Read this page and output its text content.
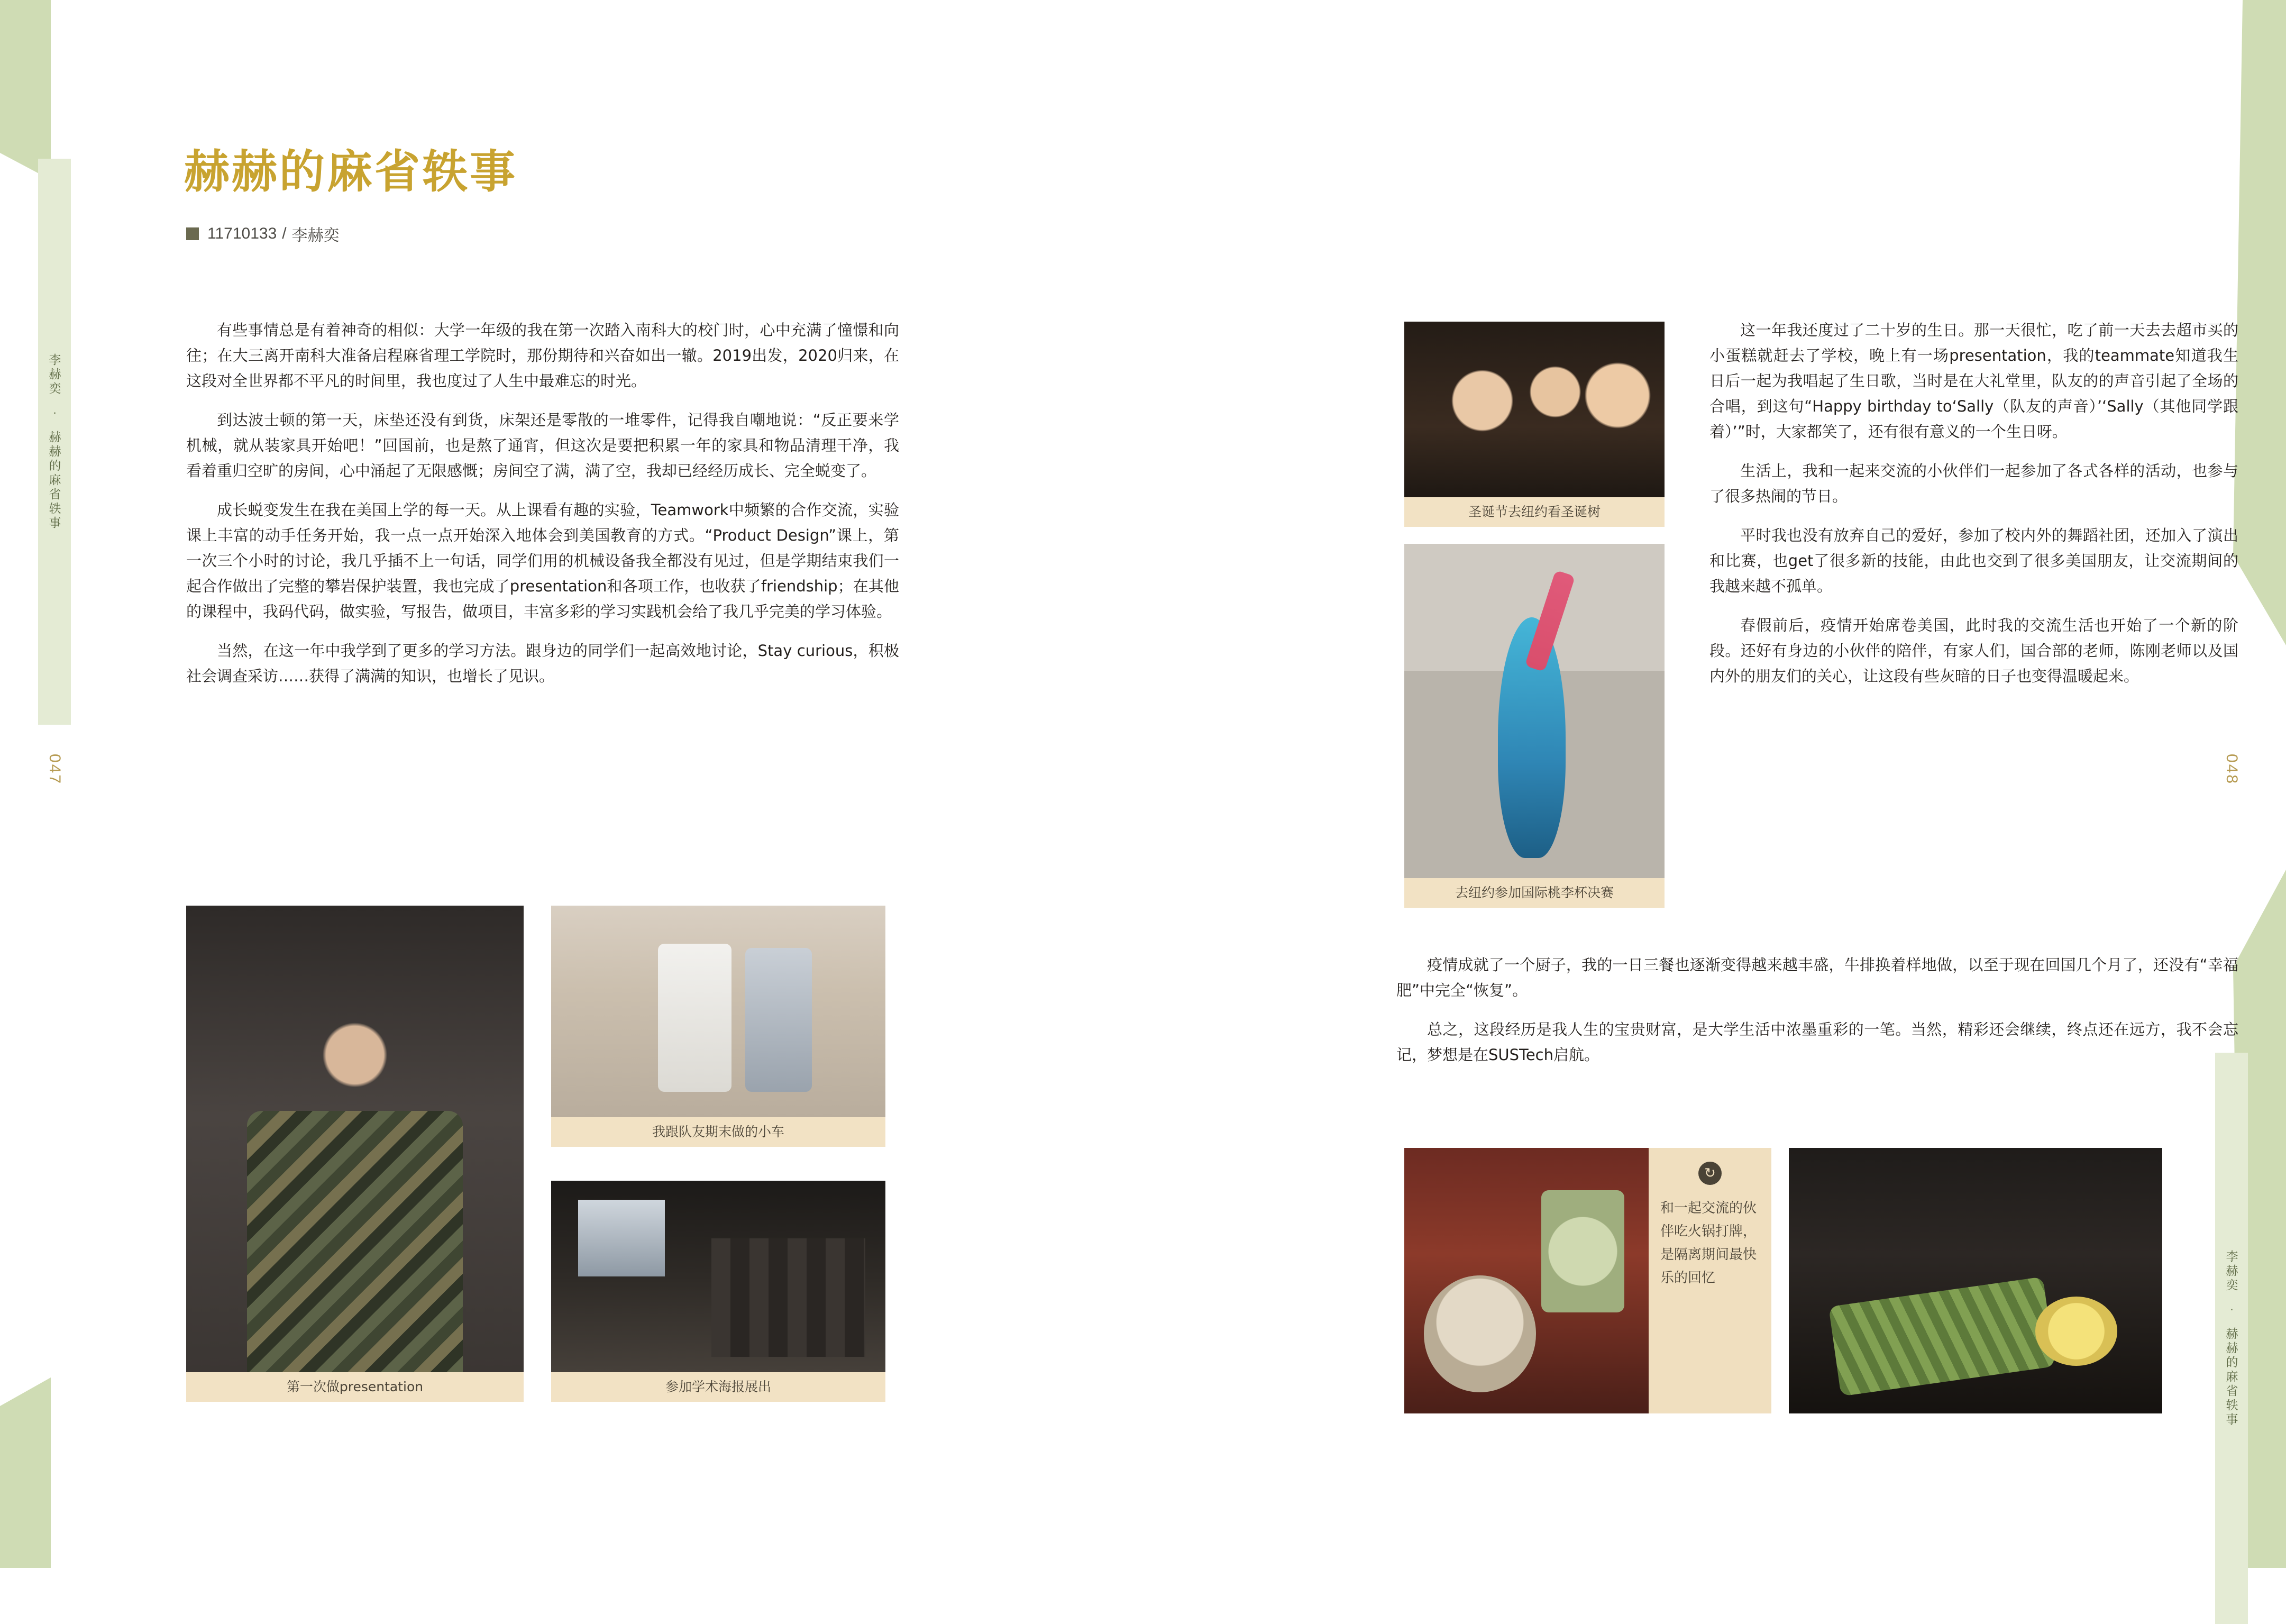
李赫奕
·
赫赫的麻省轶事
李赫奕
·
赫赫的麻省轶事
047	048
赫赫的麻省轶事
11710133 / 李赫奕

有些事情总是有着神奇的相似：大学一年级的我在第一次踏入南科大的校门时，心中充满了憧憬和向往；在大三离开南科大准备启程麻省理工学院时，那份期待和兴奋如出一辙。2019出发，2020归来，在这段对全世界都不平凡的时间里，我也度过了人生中最难忘的时光。

到达波士顿的第一天，床垫还没有到货，床架还是零散的一堆零件，记得我自嘲地说：“反正要来学机械，就从装家具开始吧！”回国前，也是熬了通宵，但这次是要把积累一年的家具和物品清理干净，我看着重归空旷的房间，心中涌起了无限感慨；房间空了满，满了空，我却已经经历成长、完全蜕变了。

成长蜕变发生在我在美国上学的每一天。从上课看有趣的实验，Teamwork中频繁的合作交流，实验课上丰富的动手任务开始，我一点一点开始深入地体会到美国教育的方式。“Product Design”课上，第一次三个小时的讨论，我几乎插不上一句话，同学们用的机械设备我全都没有见过，但是学期结束我们一起合作做出了完整的攀岩保护装置，我也完成了presentation和各项工作，也收获了friendship；在其他的课程中，我码代码，做实验，写报告，做项目，丰富多彩的学习实践机会给了我几乎完美的学习体验。

当然，在这一年中我学到了更多的学习方法。跟身边的同学们一起高效地讨论，Stay curious，积极社会调查采访……获得了满满的知识，也增长了见识。

这一年我还度过了二十岁的生日。那一天很忙，吃了前一天去去超市买的小蛋糕就赶去了学校，晚上有一场presentation，我的teammate知道我生日后一起为我唱起了生日歌，当时是在大礼堂里，队友的的声音引起了全场的合唱，到这句“Happy birthday to‘Sally（队友的声音）’‘Sally（其他同学跟着）’”时，大家都笑了，还有很有意义的一个生日呀。

生活上，我和一起来交流的小伙伴们一起参加了各式各样的活动，也参与了很多热闹的节日。

平时我也没有放弃自己的爱好，参加了校内外的舞蹈社团，还加入了演出和比赛，也get了很多新的技能，由此也交到了很多美国朋友，让交流期间的我越来越不孤单。

春假前后，疫情开始席卷美国，此时我的交流生活也开始了一个新的阶段。还好有身边的小伙伴的陪伴，有家人们，国合部的老师，陈刚老师以及国内外的朋友们的关心，让这段有些灰暗的日子也变得温暖起来。

疫情成就了一个厨子，我的一日三餐也逐渐变得越来越丰盛，牛排换着样地做，以至于现在回国几个月了，还没有“幸福肥”中完全“恢复”。

总之，这段经历是我人生的宝贵财富，是大学生活中浓墨重彩的一笔。当然，精彩还会继续，终点还在远方，我不会忘记，梦想是在SUSTech启航。

第一次做presentation
我跟队友期末做的小车
参加学术海报展出
圣诞节去纽约看圣诞树
去纽约参加国际桃李杯决赛
↻
和一起交流的伙伴吃火锅打牌，是隔离期间最快乐的回忆
